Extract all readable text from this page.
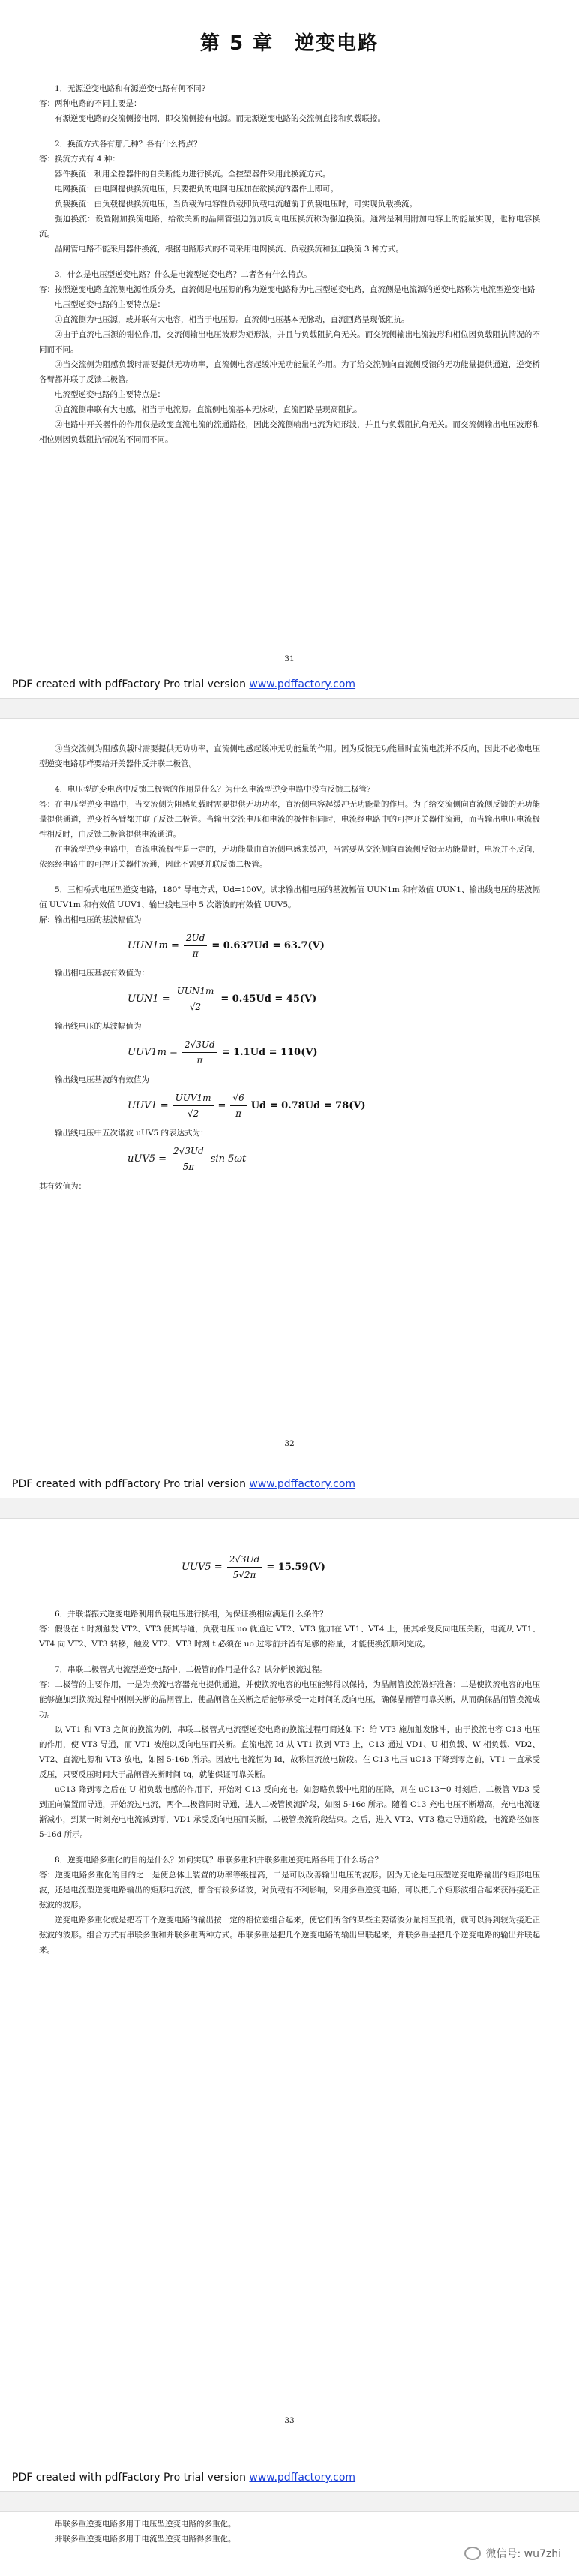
第 5 章　逆变电路

1．无源逆变电路和有源逆变电路有何不同?

答：两种电路的不同主要是：

有源逆变电路的交流侧接电网，即交流侧接有电源。而无源逆变电路的交流侧直接和负载联接。

2．换流方式各有那几种？各有什么特点？

答：换流方式有 4 种：

器件换流：利用全控器件的自关断能力进行换流。全控型器件采用此换流方式。

电网换流：由电网提供换流电压，只要把负的电网电压加在欲换流的器件上即可。

负载换流：由负载提供换流电压，当负载为电容性负载即负载电流超前于负载电压时，可实现负载换流。

强迫换流：设置附加换流电路，给欲关断的晶闸管强迫施加反向电压换流称为强迫换流。通常是利用附加电容上的能量实现，也称电容换流。

晶闸管电路不能采用器件换流，根据电路形式的不同采用电网换流、负载换流和强迫换流 3 种方式。

3．什么是电压型逆变电路？什么是电流型逆变电路？二者各有什么特点。

答：按照逆变电路直流测电源性质分类，直流侧是电压源的称为逆变电路称为电压型逆变电路，直流侧是电流源的逆变电路称为电流型逆变电路

电压型逆变电路的主要特点是：

①直流侧为电压源，或并联有大电容，相当于电压源。直流侧电压基本无脉动，直流回路呈现低阻抗。

②由于直流电压源的钳位作用，交流侧输出电压波形为矩形波，并且与负载阻抗角无关。而交流侧输出电流波形和相位因负载阻抗情况的不同而不同。

③当交流侧为阻感负载时需要提供无功功率，直流侧电容起缓冲无功能量的作用。为了给交流侧向直流侧反馈的无功能量提供通道，逆变桥各臂都并联了反馈二极管。

电流型逆变电路的主要特点是：

①直流侧串联有大电感，相当于电流源。直流侧电流基本无脉动，直流回路呈现高阻抗。

②电路中开关器件的作用仅是改变直流电流的流通路径，因此交流侧输出电流为矩形波，并且与负载阻抗角无关。而交流侧输出电压波形和相位则因负载阻抗情况的不同而不同。

31
PDF created with pdfFactory Pro trial version www.pdffactory.com

③当交流侧为阻感负载时需要提供无功功率，直流侧电感起缓冲无功能量的作用。因为反馈无功能量时直流电流并不反向，因此不必像电压型逆变电路那样要给开关器件反并联二极管。

4．电压型逆变电路中反馈二极管的作用是什么？为什么电流型逆变电路中没有反馈二极管？

答：在电压型逆变电路中，当交流侧为阻感负载时需要提供无功功率，直流侧电容起缓冲无功能量的作用。为了给交流侧向直流侧反馈的无功能量提供通道，逆变桥各臂都并联了反馈二极管。当输出交流电压和电流的极性相同时，电流经电路中的可控开关器件流通，而当输出电压电流极性相反时，由反馈二极管提供电流通道。

在电流型逆变电路中，直流电流极性是一定的，无功能量由直流侧电感来缓冲，当需要从交流侧向直流侧反馈无功能量时，电流并不反向，依然经电路中的可控开关器件流通，因此不需要并联反馈二极管。

5．三相桥式电压型逆变电路，180° 导电方式，Ud=100V。试求输出相电压的基波幅值 UUN1m 和有效值 UUN1、输出线电压的基波幅值 UUV1m 和有效值 UUV1、输出线电压中 5 次谐波的有效值 UUV5。

解：输出相电压的基波幅值为

$UUN1m = \frac{2Ud}{\pi} = 0.637Ud = 63.7(V)$

输出相电压基波有效值为：

$UUN1 = \frac{\text{UUN1m}}{√2} = 0.45Ud = 45(V)$

输出线电压的基波幅值为

$UUV1m = \frac{2√3Ud}{\pi} = 1.1Ud = 110(V)$

输出线电压基波的有效值为

$UUV1 = \frac{\text{UUV1m}}{√2} = \frac{√6}{\pi}$ Ud = 0.78Ud = 78(V)

输出线电压中五次谐波 uUV5 的表达式为：

$uUV5 = \frac{2√3Ud}{5\pi}$ sin 5ωt

其有效值为：

32
PDF created with pdfFactory Pro trial version www.pdffactory.com
$UUV5 = \frac{2√3Ud}{5√2\pi} = 15.59(V)$

6．并联谐振式逆变电路利用负载电压进行换相，为保证换相应满足什么条件？

答：假设在 t 时刻触发 VT2、VT3 使其导通，负载电压 uo 就通过 VT2、VT3 施加在 VT1、VT4 上，使其承受反向电压关断，电流从 VT1、VT4 向 VT2、VT3 转移，触发 VT2、VT3 时刻 t 必须在 uo 过零前并留有足够的裕量，才能使换流顺利完成。

7．串联二极管式电流型逆变电路中，二极管的作用是什么？试分析换流过程。

答：二极管的主要作用，一是为换流电容器充电提供通道，并使换流电容的电压能够得以保持，为晶闸管换流做好准备；二是使换流电容的电压能够施加到换流过程中刚刚关断的晶闸管上，使晶闸管在关断之后能够承受一定时间的反向电压，确保晶闸管可靠关断，从而确保晶闸管换流成功。

以 VT1 和 VT3 之间的换流为例，串联二极管式电流型逆变电路的换流过程可简述如下：给 VT3 施加触发脉冲，由于换流电容 C13 电压的作用，使 VT3 导通，而 VT1 被施以反向电压而关断。直流电流 Id 从 VT1 换到 VT3 上，C13 通过 VD1、U 相负载、W 相负载、VD2、VT2、直流电源和 VT3 放电，如图 5-16b 所示。因放电电流恒为 Id，故称恒流放电阶段。在 C13 电压 uC13 下降到零之前，VT1 一直承受反压，只要反压时间大于晶闸管关断时间 tq，就能保证可靠关断。

uC13 降到零之后在 U 相负载电感的作用下，开始对 C13 反向充电。如忽略负载中电阻的压降，则在 uC13=0 时刻后，二极管 VD3 受到正向偏置而导通，开始流过电流，两个二极管同时导通，进入二极管换流阶段，如图 5-16c 所示。随着 C13 充电电压不断增高，充电电流逐渐减小，到某一时刻充电电流减到零，VD1 承受反向电压而关断，二极管换流阶段结束。之后，进入 VT2、VT3 稳定导通阶段，电流路径如图 5-16d 所示。

8．逆变电路多重化的目的是什么？如何实现？串联多重和并联多重逆变电路各用于什么场合？

答：逆变电路多重化的目的之一是使总体上装置的功率等级提高，二是可以改善输出电压的波形。因为无论是电压型逆变电路输出的矩形电压波，还是电流型逆变电路输出的矩形电流波，都含有较多谐波，对负载有不利影响，采用多重逆变电路，可以把几个矩形波组合起来获得接近正弦波的波形。

逆变电路多重化就是把若干个逆变电路的输出按一定的相位差组合起来，使它们所含的某些主要谐波分量相互抵消，就可以得到较为接近正弦波的波形。组合方式有串联多重和并联多重两种方式。串联多重是把几个逆变电路的输出串联起来，并联多重是把几个逆变电路的输出并联起来。

33
PDF created with pdfFactory Pro trial version www.pdffactory.com

串联多重逆变电路多用于电压型逆变电路的多重化。

并联多重逆变电路多用于电流型逆变电路得多重化。

微信号: wu7zhi
